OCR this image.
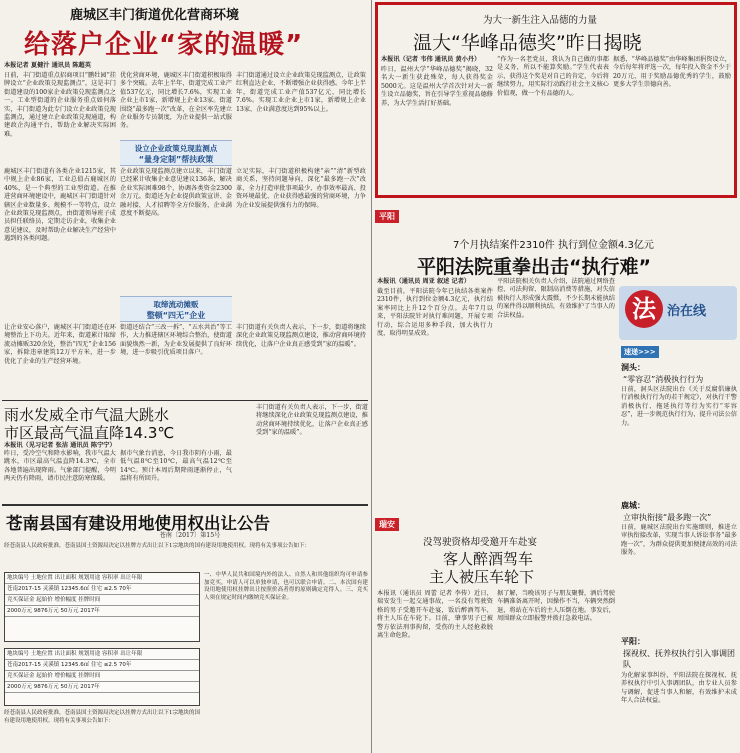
鹿城区丰门街道优化营商环境
给落户企业“家的温暖”
本报记者 夏健汁 通讯员 陈超英
日前，丰门街道重点招商项目“鹏牡园”挂牌设立“企业政策兑现监测点”，这是丰门街道建设的100家企业政策兑现监测点之一。工业型街道的企业服务重点如何落实，丰门街道为此专门设立企业政策兑现监测点，通过建立企业政策兑现通道，构建政企沟通平台，帮助企业解决实际困难。
优化营商环境，鹿城区丰门街道积极取得多个突破。去年上半年，街道完成工业产值537亿元，同比增长7.6%，实现工业企业上市1家，新增规上企业13家。街道围绕“最多跑一次”改革，在全区率先建立企业服务专员制度，为企业提供一站式服务。
丰门街道通过设立企业政策兑现监测点，让政策红利直达企业，不断增强企业获得感。今年上半年，街道完成工业产值537亿元，同比增长7.6%。实现工业企业上市1家，新增规上企业13家，企业满意度达到95%以上。
设立企业政策兑现监测点
“量身定制”帮扶政策
鹿城区丰门街道有各类企业1215家，其中规上企业86家，工业总值占鹿城区的40%，是一个典型的工业型街道。在推进营商环境建设中，鹿城区丰门街道针对辖区企业数量多、规模不一等特点，设立企业政策兑现监测点，由街道领导班子成员担任联络员，定期走访企业，收集企业意见建议，及时帮助企业解决生产经营中遇到的各类问题。
企业政策兑现监测点建立以来，丰门街道已经累计收集企业意见建议136条，解决企业实际困难98个，协调各类资金2300余万元。街道还为企业提供政策宣讲、金融对接、人才招聘等全方位服务，企业满意度不断提高。
立足实际，丰门街道积极构建“亲”“清”新型政商关系，坚持问题导向，深化“最多跑一次”改革，全力打造审批事项最少、办事效率最高、投资环境最优、企业获得感最强的营商环境，力争为企业发展提供强有力的保障。
取缔流动摊贩
整顿“四无”企业
让企业安心落户，鹿城区丰门街道还在环境整治上下功夫。近年来，街道累计取缔流动摊贩320余处，整治“四无”企业156家，拆除违章建筑12万平方米，进一步优化了企业的生产经营环境。
街道还结合“三改一拆”、“五水共治”等工作，大力推进辖区环境综合整治，使街道面貌焕然一新，为企业发展提供了良好环境，进一步吸引优质项目落户。
丰门街道有关负责人表示，下一步，街道将继续深化企业政策兑现监测点建设，推动营商环境持续优化，让落户企业真正感受到“家的温暖”。
雨水发威全市气温大跳水
市区最高气温直降14.3℃
本报讯（见习记者 张洁 通讯员 陈宁宁）
昨日，受冷空气和降水影响，我市气温大跳水，市区最高气温直降14.3℃，全市各地普遍出现降雨。气象部门提醒，今明两天仍有降雨，请市民注意防寒保暖。
据市气象台消息，今日我市阴有小雨，最低气温8℃至10℃，最高气温12℃至14℃。预计本周后期降雨逐渐停止，气温将有所回升。
丰门街道有关负责人表示，下一步，街道将继续深化企业政策兑现监测点建设，推动营商环境持续优化，让落户企业真正感受到“家的温暖”。
苍南县国有建设用地使用权出让公告
苍南〔2017〕第15号
经苍南县人民政府批准，苍南县国土资源局决定以挂牌方式出让以下1宗地块的国有建设用地使用权。现将有关事项公告如下：
地块编号 土地位置 出让面积 规划用途 容积率 出让年限
苍南2017-15 灵溪镇 12345.6㎡ 住宅 ≤2.5 70年
竞买保证金 起始价 增价幅度 挂牌时间
2000万元 9876万元 50万元 2017年
地块编号 土地位置 出让面积 规划用途 容积率 出让年限
苍南2017-15 灵溪镇 12345.6㎡ 住宅 ≤2.5 70年
竞买保证金 起始价 增价幅度 挂牌时间
2000万元 9876万元 50万元 2017年
一、中华人民共和国境内外的法人、自然人和其他组织均可申请参加竞买，申请人可以单独申请，也可以联合申请。二、本次国有建设用地使用权挂牌出让按照价高者得的原则确定竞得人。三、竞买人须在规定时间内缴纳竞买保证金。
经苍南县人民政府批准，苍南县国土资源局决定以挂牌方式出让以下1宗地块的国有建设用地使用权。现将有关事项公告如下：
为大一新生注入品德的力量
温大“华峰品德奖”昨日揭晓
本报讯（记者 韦伟 通讯员 黄小丹）
昨日，温州大学“华峰品德奖”揭晓，32名大一新生获此殊荣，每人获得奖金5000元。这是温州大学首次针对大一新生设立品德奖，旨在引导学生重视品德修养，为大学生活打好基础。
“作为一名老党员，我认为自己做的事都是义务，所以不能算奖励。”学生代表表示，获得这个奖是对自己的肯定，今后将继续努力，用实际行动践行社会主义核心价值观，做一个有品德的人。
据悉，“华峰品德奖”由华峰集团捐资设立，今后每年将评选一次，每年投入资金不少于20万元，用于奖励品德优秀的学生，鼓励更多大学生崇德向善。
平阳
7个月执结案件2310件 执行到位金额4.3亿元
平阳法院重拳出击“执行难”
本报讯（通讯员 周亚 叙述 记者）
截至目前，平阳法院今年已执结各类案件2310件，执行到位金额4.3亿元，执行结案率同比上升12个百分点。去年7月以来，平阳法院针对执行难问题，开展专项行动，综合运用多种手段，加大执行力度，取得明显成效。
平阳法院相关负责人介绍，法院通过网络查控、司法拘留、限制高消费等措施，对失信被执行人形成强大震慑，不少长期未能执结的案件得以顺利执结，有效维护了当事人的合法权益。
瑞安
没驾驶资格却受邀开车赴宴
客人醉酒驾车
主人被压车轮下
本报讯（通讯员 周蕾 记者 李传）近日，瑞安发生一起交通事故，一名没有驾驶资格的男子受邀开车赴宴，饭后醉酒驾车，将主人压在车轮下。目前，肇事男子已被警方依法刑事拘留，受伤的主人经抢救脱离生命危险。
据了解，当晚该男子与朋友聚餐，酒后驾驶车辆准备离开时，因操作不当，车辆突然倒退，将站在车后的主人压倒在地。事发后，周围群众立即报警并拨打急救电话。
法 治在线
速递>>>
洞头：
“零容忍”消极执行行为
日前，洞头区法院出台《关于反腐倡廉执行消极执行行为的若干规定》，对执行干警消极执行、拖延执行等行为实行“零容忍”，进一步规范执行行为，提升司法公信力。
鹿城：
立审执衔接“最多跑一次”
日前，鹿城区法院出台实施细则，推进立审执衔接改革，实现当事人诉讼事务“最多跑一次”，为群众提供更加便捷高效的司法服务。
平阳：
探视权、抚养权执行引入事调团队
为化解家事纠纷，平阳法院在探视权、抚养权执行中引入事调团队，由专业人员参与调解，促进当事人和解，有效维护未成年人合法权益。
